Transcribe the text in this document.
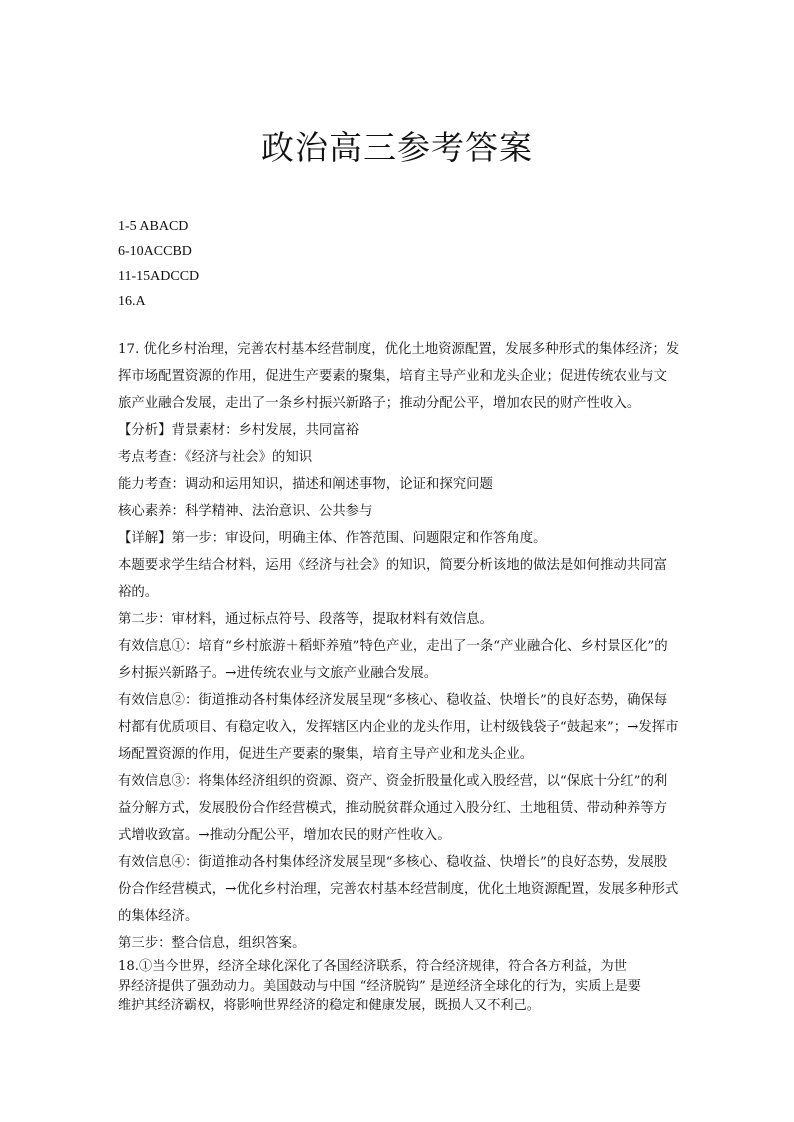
政治高三参考答案
1-5 ABACD
6-10ACCBD
11-15ADCCD
16.A

17. 优化乡村治理，完善农村基本经营制度，优化土地资源配置，发展多种形式的集体经济；发挥市场配置资源的作用，促进生产要素的聚集，培育主导产业和龙头企业；促进传统农业与文旅产业融合发展，走出了一条乡村振兴新路子；推动分配公平，增加农民的财产性收入。

【分析】背景素材：乡村发展，共同富裕

考点考查：《经济与社会》的知识

能力考查：调动和运用知识，描述和阐述事物，论证和探究问题

核心素养：科学精神、法治意识、公共参与

【详解】第一步：审设问，明确主体、作答范围、问题限定和作答角度。

本题要求学生结合材料，运用《经济与社会》的知识，简要分析该地的做法是如何推动共同富裕的。

第二步：审材料，通过标点符号、段落等，提取材料有效信息。

有效信息①：培育“乡村旅游＋稻虾养殖”特色产业，走出了一条“产业融合化、乡村景区化”的乡村振兴新路子。→进传统农业与文旅产业融合发展。

有效信息②：街道推动各村集体经济发展呈现“多核心、稳收益、快增长”的良好态势，确保每村都有优质项目、有稳定收入，发挥辖区内企业的龙头作用，让村级钱袋子“鼓起来”；→发挥市场配置资源的作用，促进生产要素的聚集，培育主导产业和龙头企业。

有效信息③：将集体经济组织的资源、资产、资金折股量化或入股经营，以“保底十分红”的利益分解方式，发展股份合作经营模式，推动脱贫群众通过入股分红、土地租赁、带动种养等方式增收致富。→推动分配公平，增加农民的财产性收入。

有效信息④：街道推动各村集体经济发展呈现“多核心、稳收益、快增长”的良好态势，发展股份合作经营模式，→优化乡村治理，完善农村基本经营制度，优化土地资源配置，发展多种形式的集体经济。

第三步：整合信息，组织答案。

18.①当今世界，经济全球化深化了各国经济联系，符合经济规律，符合各方利益，为世

界经济提供了强劲动力。美国鼓动与中国 “经济脱钩” 是逆经济全球化的行为，实质上是要

维护其经济霸权，将影响世界经济的稳定和健康发展，既损人又不利己。
